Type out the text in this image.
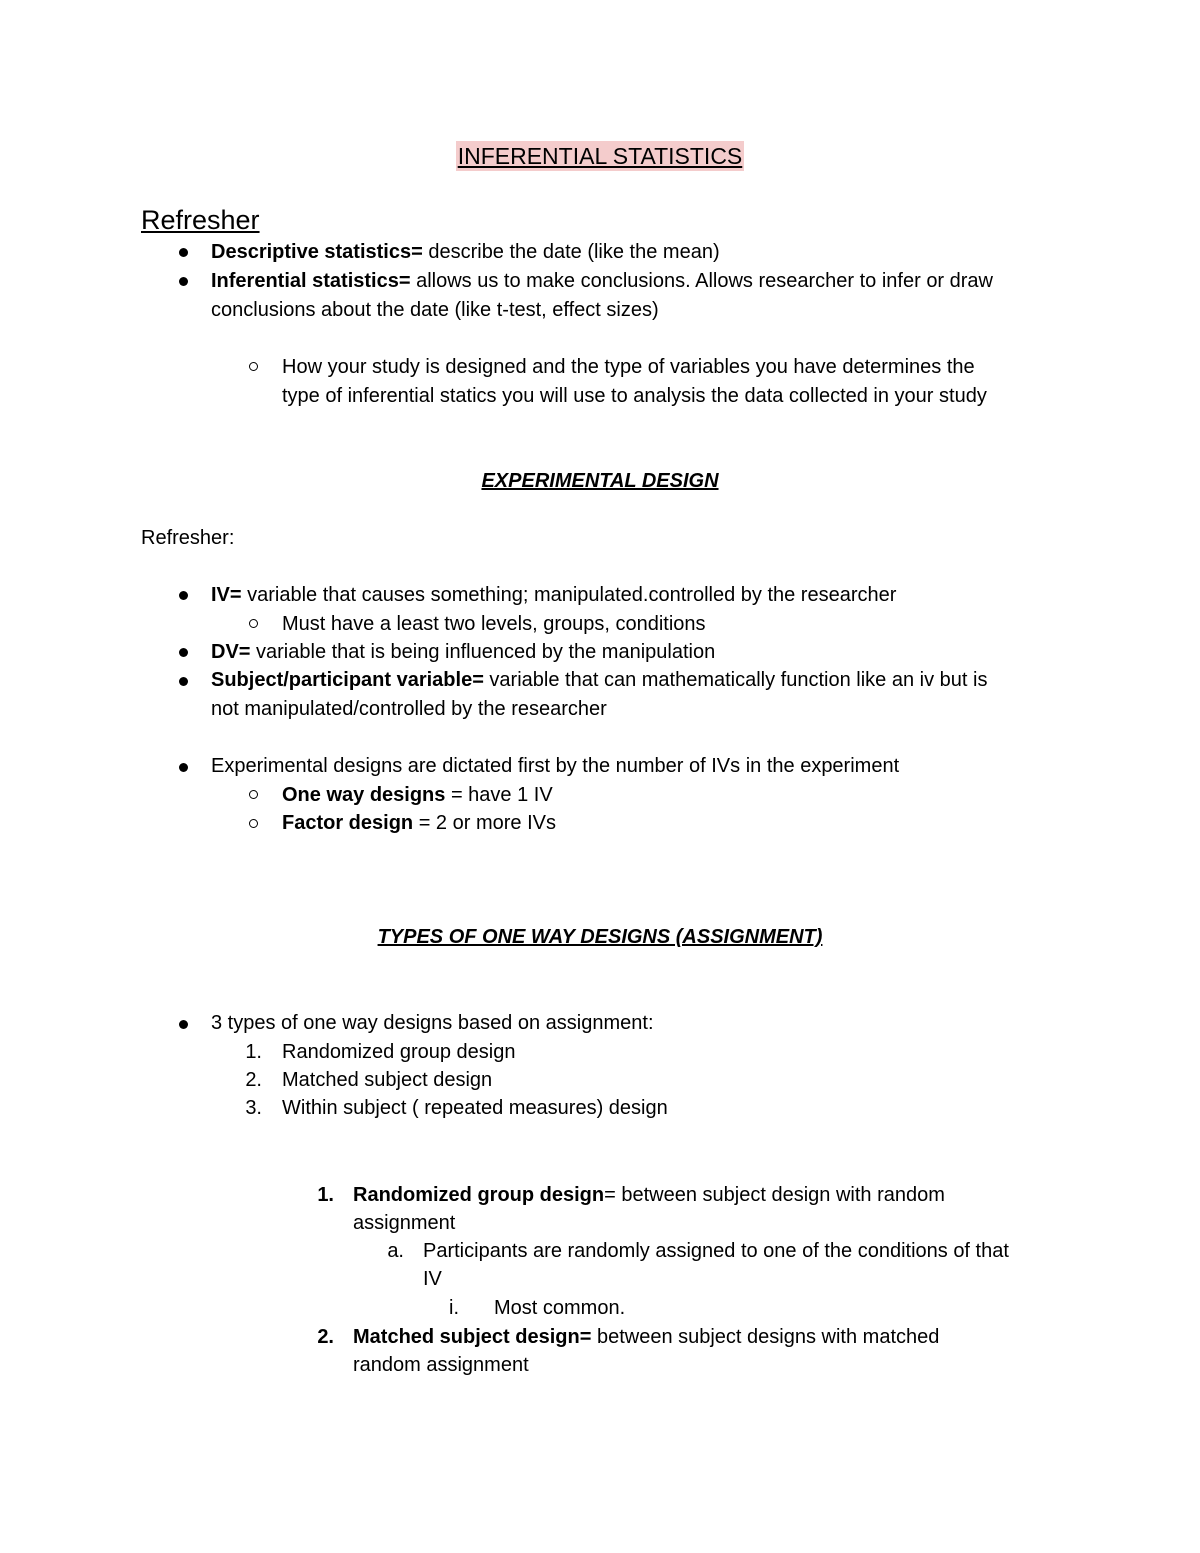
INFERENTIAL STATISTICS
Refresher
Descriptive statistics= describe the date (like the mean)
Inferential statistics= allows us to make conclusions. Allows researcher to infer or draw
conclusions about the date (like t-test, effect sizes)
How your study is designed and the type of variables you have determines the
type of inferential statics you will use to analysis the data collected in your study
EXPERIMENTAL DESIGN
Refresher:
IV= variable that causes something; manipulated.controlled by the researcher
Must have a least two levels, groups, conditions
DV= variable that is being influenced by the manipulation
Subject/participant variable= variable that can mathematically function like an iv but is
not manipulated/controlled by the researcher
Experimental designs are dictated first by the number of IVs in the experiment
One way designs = have 1 IV
Factor design = 2 or more IVs
TYPES OF ONE WAY DESIGNS (ASSIGNMENT)
3 types of one way designs based on assignment:
1. Randomized group design
2. Matched subject design
3. Within subject ( repeated measures) design
1. Randomized group design= between subject design with random
assignment
a. Participants are randomly assigned to one of the conditions of that
IV
i. Most common.
2. Matched subject design= between subject designs with matched
random assignment
